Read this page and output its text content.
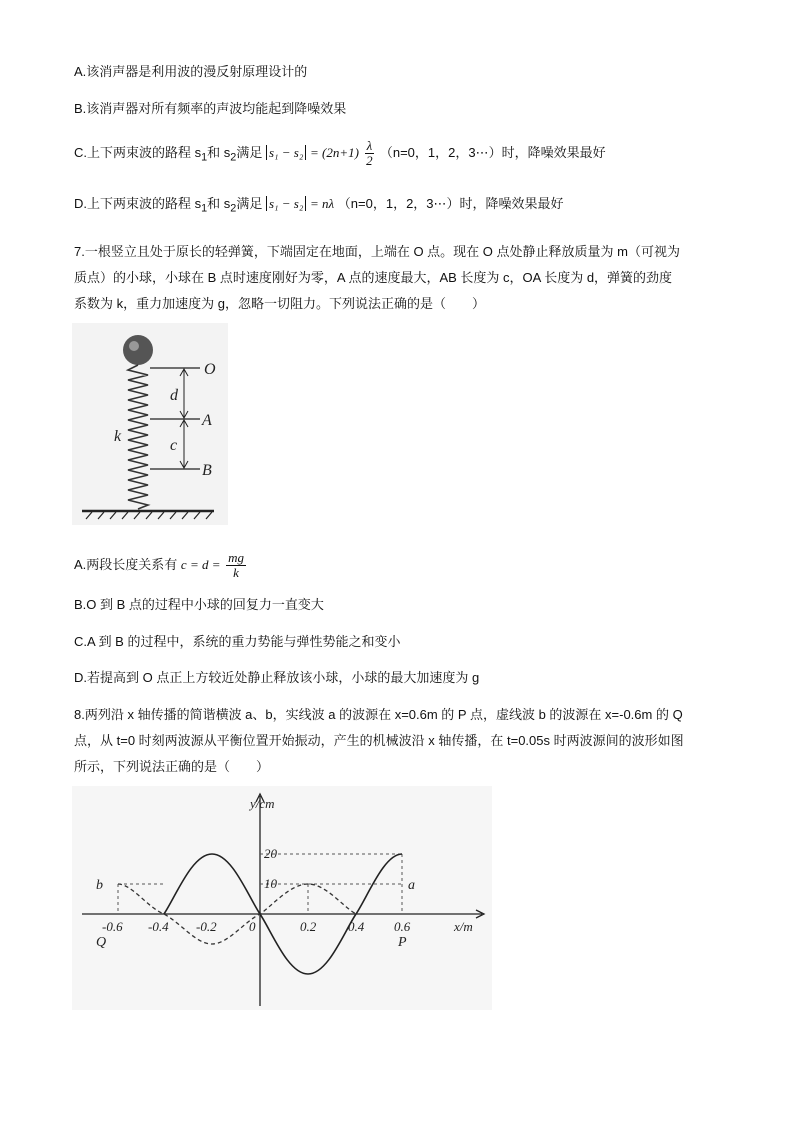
A.该消声器是利用波的漫反射原理设计的
B.该消声器对所有频率的声波均能起到降噪效果
C.上下两束波的路程 $s_1$和 $s_2$满足 $s_1 - s_2 = (2n+1) \frac{\lambda}{2} (n=0$，1，2，3⋯）时，降噪效果最好
D.上下两束波的路程 $s_1$和 $s_2$满足 s₁ − s₂ = nλ （n=0，1，2，3⋯）时，降噪效果最好
7.一根竖立且处于原长的轻弹簧，下端固定在地面，上端在 O 点。现在 O 点处静止释放质量为 m（可视为
质点）的小球，小球在 B 点时速度刚好为零，A 点的速度最大，AB 长度为 c，OA 长度为 d，弹簧的劲度
系数为 k，重力加速度为 g，忽略一切阻力。下列说法正确的是（　　）
O
A
B
d
c
k
A.两段长度关系有 $c = d = \frac{mg}{k}$
B.O 到 B 点的过程中小球的回复力一直变大
C.A 到 B 的过程中，系统的重力势能与弹性势能之和变小
D.若提高到 O 点正上方较近处静止释放该小球，小球的最大加速度为 g
8.两列沿 x 轴传播的简谐横波 a、b，实线波 a 的波源在 x=0.6m 的 P 点，虚线波 b 的波源在 x=-0.6m 的 Q
点，从 t=0 时刻两波源从平衡位置开始振动，产生的机械波沿 x 轴传播，在 t=0.05s 时两波源间的波形如图
所示，下列说法正确的是（　　）
y/cm
x/m
20
10
-0.6 -0.4 -0.2 0	0.2 0.4 0.6
a
b
P
Q
